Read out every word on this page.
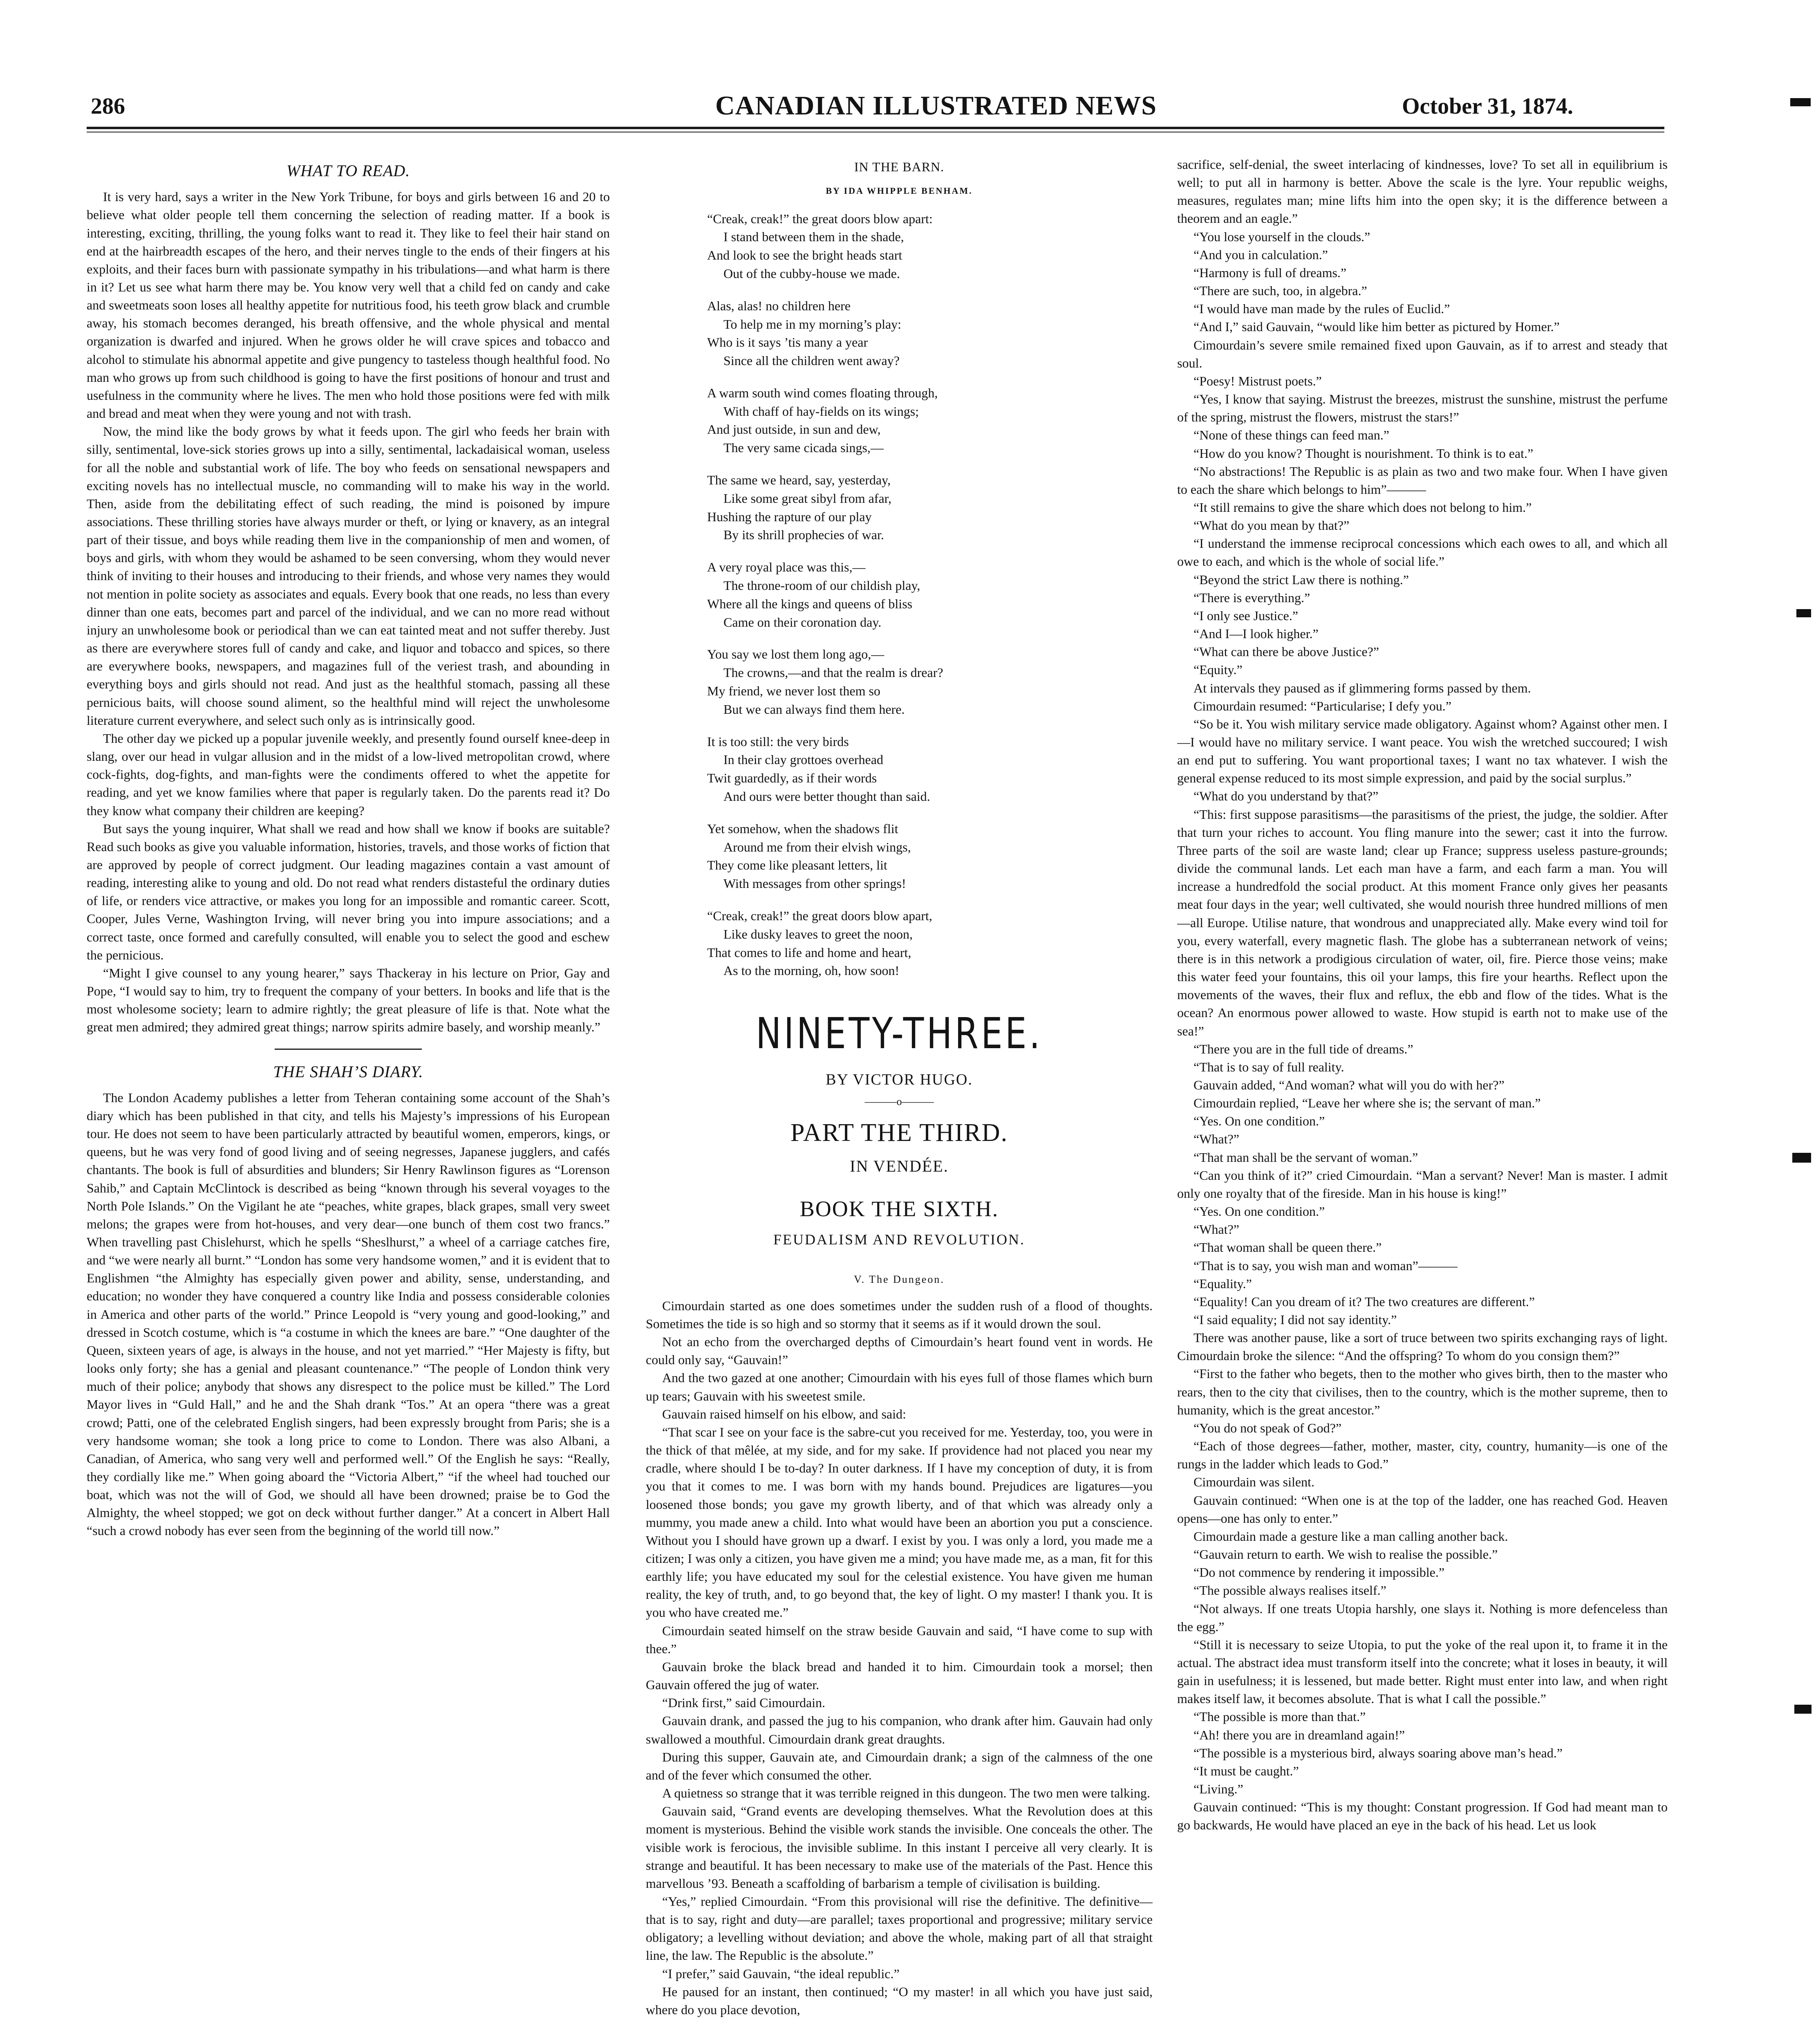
286	CANADIAN ILLUSTRATED NEWS	October 31, 1874.
WHAT TO READ.

It is very hard, says a writer in the New York Tribune, for boys and girls between 16 and 20 to believe what older people tell them concerning the selection of reading matter. If a book is interesting, exciting, thrilling, the young folks want to read it. They like to feel their hair stand on end at the hairbreadth escapes of the hero, and their nerves tingle to the ends of their fingers at his exploits, and their faces burn with passionate sympathy in his tribulations—and what harm is there in it? Let us see what harm there may be. You know very well that a child fed on candy and cake and sweetmeats soon loses all healthy appetite for nutritious food, his teeth grow black and crumble away, his stomach becomes deranged, his breath offensive, and the whole physical and mental organization is dwarfed and injured. When he grows older he will crave spices and tobacco and alcohol to stimulate his abnormal appetite and give pungency to tasteless though healthful food. No man who grows up from such childhood is going to have the first positions of honour and trust and usefulness in the community where he lives. The men who hold those positions were fed with milk and bread and meat when they were young and not with trash.

Now, the mind like the body grows by what it feeds upon. The girl who feeds her brain with silly, sentimental, love-sick stories grows up into a silly, sentimental, lackadaisical woman, useless for all the noble and substantial work of life. The boy who feeds on sensational newspapers and exciting novels has no intellectual muscle, no commanding will to make his way in the world. Then, aside from the debilitating effect of such reading, the mind is poisoned by impure associations. These thrilling stories have always murder or theft, or lying or knavery, as an integral part of their tissue, and boys while reading them live in the companionship of men and women, of boys and girls, with whom they would be ashamed to be seen conversing, whom they would never think of inviting to their houses and introducing to their friends, and whose very names they would not mention in polite society as associates and equals. Every book that one reads, no less than every dinner than one eats, becomes part and parcel of the individual, and we can no more read without injury an unwholesome book or periodical than we can eat tainted meat and not suffer thereby. Just as there are everywhere stores full of candy and cake, and liquor and tobacco and spices, so there are everywhere books, newspapers, and magazines full of the veriest trash, and abounding in everything boys and girls should not read. And just as the healthful stomach, passing all these pernicious baits, will choose sound aliment, so the healthful mind will reject the unwholesome literature current everywhere, and select such only as is intrinsically good.

The other day we picked up a popular juvenile weekly, and presently found ourself knee-deep in slang, over our head in vulgar allusion and in the midst of a low-lived metropolitan crowd, where cock-fights, dog-fights, and man-fights were the condiments offered to whet the appetite for reading, and yet we know families where that paper is regularly taken. Do the parents read it? Do they know what company their children are keeping?

But says the young inquirer, What shall we read and how shall we know if books are suitable? Read such books as give you valuable information, histories, travels, and those works of fiction that are approved by people of correct judgment. Our leading magazines contain a vast amount of reading, interesting alike to young and old. Do not read what renders distasteful the ordinary duties of life, or renders vice attractive, or makes you long for an impossible and romantic career. Scott, Cooper, Jules Verne, Washington Irving, will never bring you into impure associations; and a correct taste, once formed and carefully consulted, will enable you to select the good and eschew the pernicious.

“Might I give counsel to any young hearer,” says Thackeray in his lecture on Prior, Gay and Pope, “I would say to him, try to frequent the company of your betters. In books and life that is the most wholesome society; learn to admire rightly; the great pleasure of life is that. Note what the great men admired; they admired great things; narrow spirits admire basely, and worship meanly.”

THE SHAH’S DIARY.

The London Academy publishes a letter from Teheran containing some account of the Shah’s diary which has been published in that city, and tells his Majesty’s impressions of his European tour. He does not seem to have been particularly attracted by beautiful women, emperors, kings, or queens, but he was very fond of good living and of seeing negresses, Japanese jugglers, and cafés chantants. The book is full of absurdities and blunders; Sir Henry Rawlinson figures as “Lorenson Sahib,” and Captain McClintock is described as being “known through his several voyages to the North Pole Islands.” On the Vigilant he ate “peaches, white grapes, black grapes, small very sweet melons; the grapes were from hot-houses, and very dear—one bunch of them cost two francs.” When travelling past Chislehurst, which he spells “Sheslhurst,” a wheel of a carriage catches fire, and “we were nearly all burnt.” “London has some very handsome women,” and it is evident that to Englishmen “the Almighty has especially given power and ability, sense, understanding, and education; no wonder they have conquered a country like India and possess considerable colonies in America and other parts of the world.” Prince Leopold is “very young and good-looking,” and dressed in Scotch costume, which is “a costume in which the knees are bare.” “One daughter of the Queen, sixteen years of age, is always in the house, and not yet married.” “Her Majesty is fifty, but looks only forty; she has a genial and pleasant countenance.” “The people of London think very much of their police; anybody that shows any disrespect to the police must be killed.” The Lord Mayor lives in “Guld Hall,” and he and the Shah drank “Tos.” At an opera “there was a great crowd; Patti, one of the celebrated English singers, had been expressly brought from Paris; she is a very handsome woman; she took a long price to come to London. There was also Albani, a Canadian, of America, who sang very well and performed well.” Of the English he says: “Really, they cordially like me.” When going aboard the “Victoria Albert,” “if the wheel had touched our boat, which was not the will of God, we should all have been drowned; praise be to God the Almighty, the wheel stopped; we got on deck without further danger.” At a concert in Albert Hall “such a crowd nobody has ever seen from the beginning of the world till now.”

IN THE BARN.
BY IDA WHIPPLE BENHAM.
“Creak, creak!” the great doors blow apart:
I stand between them in the shade,
And look to see the bright heads start
Out of the cubby-house we made.
Alas, alas! no children here
To help me in my morning’s play:
Who is it says ’tis many a year
Since all the children went away?
A warm south wind comes floating through,
With chaff of hay-fields on its wings;
And just outside, in sun and dew,
The very same cicada sings,—
The same we heard, say, yesterday,
Like some great sibyl from afar,
Hushing the rapture of our play
By its shrill prophecies of war.
A very royal place was this,—
The throne-room of our childish play,
Where all the kings and queens of bliss
Came on their coronation day.
You say we lost them long ago,—
The crowns,—and that the realm is drear?
My friend, we never lost them so
But we can always find them here.
It is too still: the very birds
In their clay grottoes overhead
Twit guardedly, as if their words
And ours were better thought than said.
Yet somehow, when the shadows flit
Around me from their elvish wings,
They come like pleasant letters, lit
With messages from other springs!
“Creak, creak!” the great doors blow apart,
Like dusky leaves to greet the noon,
That comes to life and home and heart,
As to the morning, oh, how soon!
NINETY-THREE.
BY VICTOR HUGO.
———o———
PART THE THIRD.
IN VENDÉE.
BOOK THE SIXTH.
FEUDALISM AND REVOLUTION.
V. The Dungeon.

Cimourdain started as one does sometimes under the sudden rush of a flood of thoughts. Sometimes the tide is so high and so stormy that it seems as if it would drown the soul.

Not an echo from the overcharged depths of Cimourdain’s heart found vent in words. He could only say, “Gauvain!”

And the two gazed at one another; Cimourdain with his eyes full of those flames which burn up tears; Gauvain with his sweetest smile.

Gauvain raised himself on his elbow, and said:

“That scar I see on your face is the sabre-cut you received for me. Yesterday, too, you were in the thick of that mêlée, at my side, and for my sake. If providence had not placed you near my cradle, where should I be to-day? In outer darkness. If I have my conception of duty, it is from you that it comes to me. I was born with my hands bound. Prejudices are ligatures—you loosened those bonds; you gave my growth liberty, and of that which was already only a mummy, you made anew a child. Into what would have been an abortion you put a conscience. Without you I should have grown up a dwarf. I exist by you. I was only a lord, you made me a citizen; I was only a citizen, you have given me a mind; you have made me, as a man, fit for this earthly life; you have educated my soul for the celestial existence. You have given me human reality, the key of truth, and, to go beyond that, the key of light. O my master! I thank you. It is you who have created me.”

Cimourdain seated himself on the straw beside Gauvain and said, “I have come to sup with thee.”

Gauvain broke the black bread and handed it to him. Cimourdain took a morsel; then Gauvain offered the jug of water.

“Drink first,” said Cimourdain.

Gauvain drank, and passed the jug to his companion, who drank after him. Gauvain had only swallowed a mouthful. Cimourdain drank great draughts.

During this supper, Gauvain ate, and Cimourdain drank; a sign of the calmness of the one and of the fever which consumed the other.

A quietness so strange that it was terrible reigned in this dungeon. The two men were talking.

Gauvain said, “Grand events are developing themselves. What the Revolution does at this moment is mysterious. Behind the visible work stands the invisible. One conceals the other. The visible work is ferocious, the invisible sublime. In this instant I perceive all very clearly. It is strange and beautiful. It has been necessary to make use of the materials of the Past. Hence this marvellous ’93. Beneath a scaffolding of barbarism a temple of civilisation is building.

“Yes,” replied Cimourdain. “From this provisional will rise the definitive. The definitive—that is to say, right and duty—are parallel; taxes proportional and progressive; military service obligatory; a levelling without deviation; and above the whole, making part of all that straight line, the law. The Republic is the absolute.”

“I prefer,” said Gauvain, “the ideal republic.”

He paused for an instant, then continued; “O my master! in all which you have just said, where do you place devotion,

sacrifice, self-denial, the sweet interlacing of kindnesses, love? To set all in equilibrium is well; to put all in harmony is better. Above the scale is the lyre. Your republic weighs, measures, regulates man; mine lifts him into the open sky; it is the difference between a theorem and an eagle.”

“You lose yourself in the clouds.”

“And you in calculation.”

“Harmony is full of dreams.”

“There are such, too, in algebra.”

“I would have man made by the rules of Euclid.”

“And I,” said Gauvain, “would like him better as pictured by Homer.”

Cimourdain’s severe smile remained fixed upon Gauvain, as if to arrest and steady that soul.

“Poesy! Mistrust poets.”

“Yes, I know that saying. Mistrust the breezes, mistrust the sunshine, mistrust the perfume of the spring, mistrust the flowers, mistrust the stars!”

“None of these things can feed man.”

“How do you know? Thought is nourishment. To think is to eat.”

“No abstractions! The Republic is as plain as two and two make four. When I have given to each the share which belongs to him”———

“It still remains to give the share which does not belong to him.”

“What do you mean by that?”

“I understand the immense reciprocal concessions which each owes to all, and which all owe to each, and which is the whole of social life.”

“Beyond the strict Law there is nothing.”

“There is everything.”

“I only see Justice.”

“And I—I look higher.”

“What can there be above Justice?”

“Equity.”

At intervals they paused as if glimmering forms passed by them.

Cimourdain resumed: “Particularise; I defy you.”

“So be it. You wish military service made obligatory. Against whom? Against other men. I—I would have no military service. I want peace. You wish the wretched succoured; I wish an end put to suffering. You want proportional taxes; I want no tax whatever. I wish the general expense reduced to its most simple expression, and paid by the social surplus.”

“What do you understand by that?”

“This: first suppose parasitisms—the parasitisms of the priest, the judge, the soldier. After that turn your riches to account. You fling manure into the sewer; cast it into the furrow. Three parts of the soil are waste land; clear up France; suppress useless pasture-grounds; divide the communal lands. Let each man have a farm, and each farm a man. You will increase a hundredfold the social product. At this moment France only gives her peasants meat four days in the year; well cultivated, she would nourish three hundred millions of men—all Europe. Utilise nature, that wondrous and unappreciated ally. Make every wind toil for you, every waterfall, every magnetic flash. The globe has a subterranean network of veins; there is in this network a prodigious circulation of water, oil, fire. Pierce those veins; make this water feed your fountains, this oil your lamps, this fire your hearths. Reflect upon the movements of the waves, their flux and reflux, the ebb and flow of the tides. What is the ocean? An enormous power allowed to waste. How stupid is earth not to make use of the sea!”

“There you are in the full tide of dreams.”

“That is to say of full reality.

Gauvain added, “And woman? what will you do with her?”

Cimourdain replied, “Leave her where she is; the servant of man.”

“Yes. On one condition.”

“What?”

“That man shall be the servant of woman.”

“Can you think of it?” cried Cimourdain. “Man a servant? Never! Man is master. I admit only one royalty that of the fireside. Man in his house is king!”

“Yes. On one condition.”

“What?”

“That woman shall be queen there.”

“That is to say, you wish man and woman”———

“Equality.”

“Equality! Can you dream of it? The two creatures are different.”

“I said equality; I did not say identity.”

There was another pause, like a sort of truce between two spirits exchanging rays of light. Cimourdain broke the silence: “And the offspring? To whom do you consign them?”

“First to the father who begets, then to the mother who gives birth, then to the master who rears, then to the city that civilises, then to the country, which is the mother supreme, then to humanity, which is the great ancestor.”

“You do not speak of God?”

“Each of those degrees—father, mother, master, city, country, humanity—is one of the rungs in the ladder which leads to God.”

Cimourdain was silent.

Gauvain continued: “When one is at the top of the ladder, one has reached God. Heaven opens—one has only to enter.”

Cimourdain made a gesture like a man calling another back.

“Gauvain return to earth. We wish to realise the possible.”

“Do not commence by rendering it impossible.”

“The possible always realises itself.”

“Not always. If one treats Utopia harshly, one slays it. Nothing is more defenceless than the egg.”

“Still it is necessary to seize Utopia, to put the yoke of the real upon it, to frame it in the actual. The abstract idea must transform itself into the concrete; what it loses in beauty, it will gain in usefulness; it is lessened, but made better. Right must enter into law, and when right makes itself law, it becomes absolute. That is what I call the possible.”

“The possible is more than that.”

“Ah! there you are in dreamland again!”

“The possible is a mysterious bird, always soaring above man’s head.”

“It must be caught.”

“Living.”

Gauvain continued: “This is my thought: Constant progression. If God had meant man to go backwards, He would have placed an eye in the back of his head. Let us look
